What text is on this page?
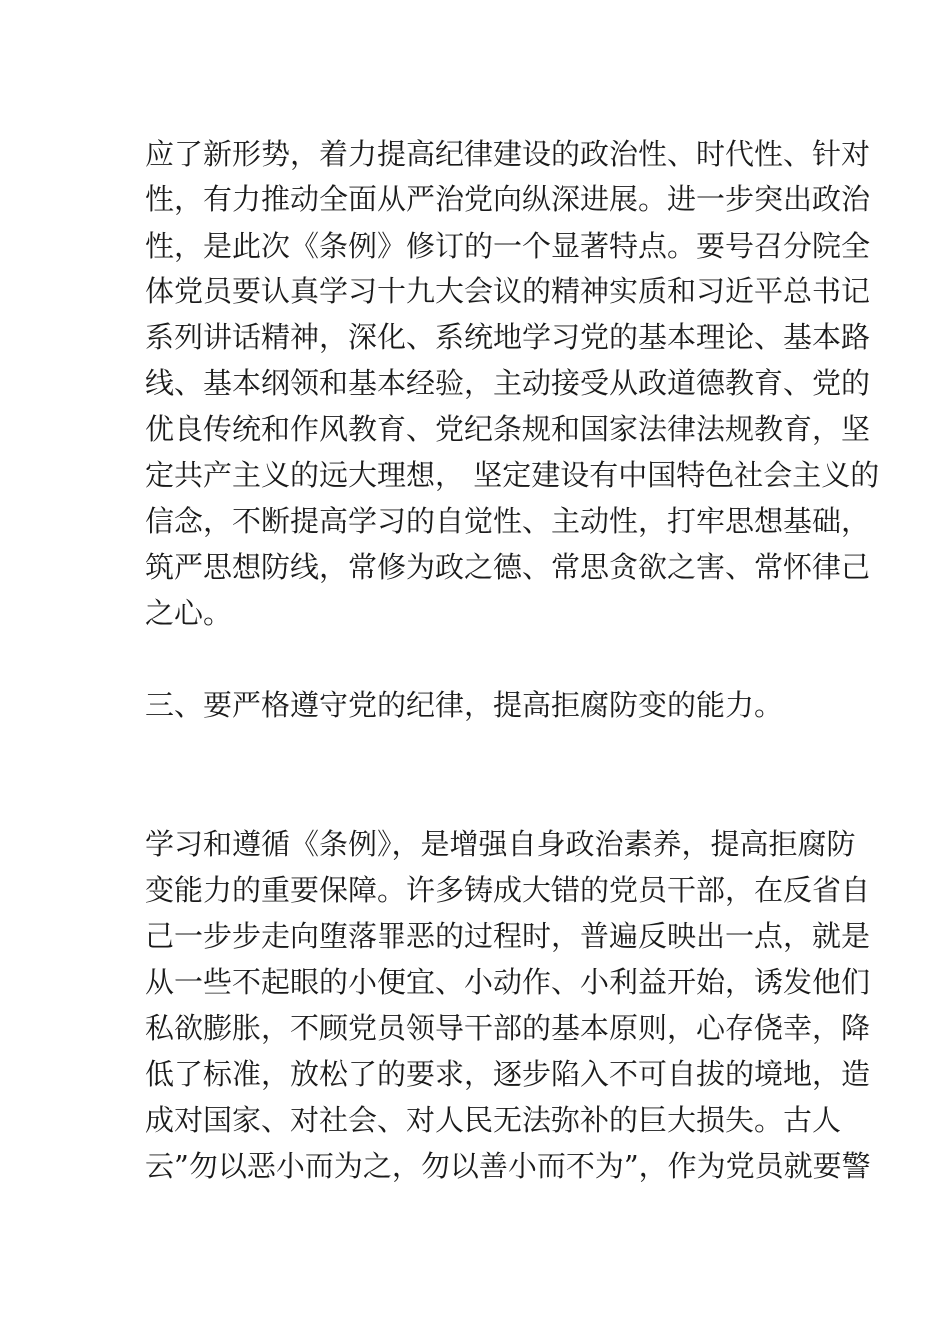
应了新形势，着力提高纪律建设的政治性、时代性、针对

性，有力推动全面从严治党向纵深进展。进一步突出政治

性，是此次《条例》修订的一个显著特点。要号召分院全

体党员要认真学习十九大会议的精神实质和习近平总书记

系列讲话精神，深化、系统地学习党的基本理论、基本路

线、基本纲领和基本经验，主动接受从政道德教育、党的

优良传统和作风教育、党纪条规和国家法律法规教育，坚

定共产主义的远大理想， 坚定建设有中国特色社会主义的

信念，不断提高学习的自觉性、主动性，打牢思想基础，

筑严思想防线，常修为政之德、常思贪欲之害、常怀律己

之心。

三、要严格遵守党的纪律，提高拒腐防变的能力。

学习和遵循《条例》，是增强自身政治素养，提高拒腐防

变能力的重要保障。许多铸成大错的党员干部，在反省自

己一步步走向堕落罪恶的过程时，普遍反映出一点，就是

从一些不起眼的小便宜、小动作、小利益开始，诱发他们

私欲膨胀，不顾党员领导干部的基本原则，心存侥幸，降

低了标准，放松了的要求，逐步陷入不可自拔的境地，造

成对国家、对社会、对人民无法弥补的巨大损失。古人

云”勿以恶小而为之，勿以善小而不为”，作为党员就要警
